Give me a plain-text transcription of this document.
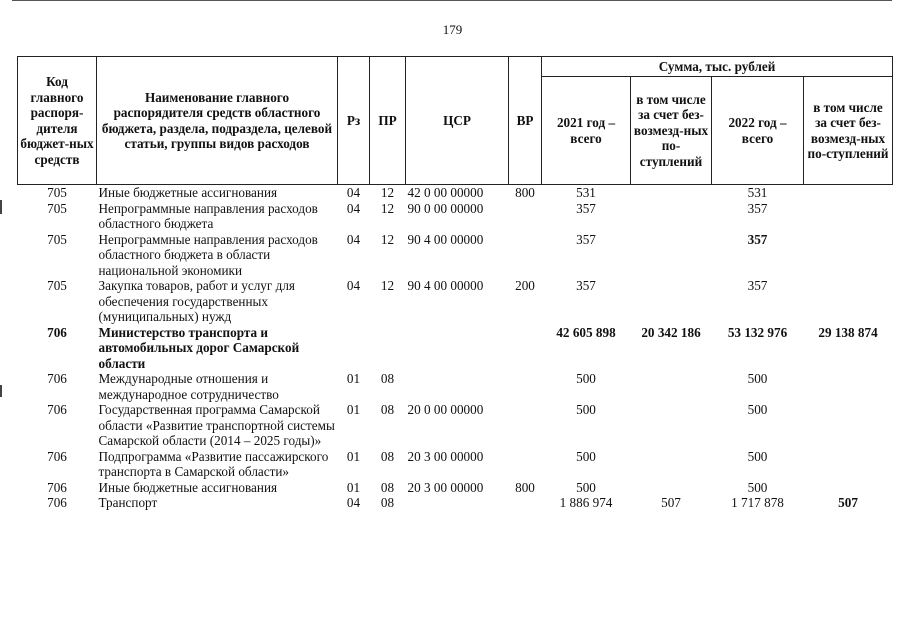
179
Код главного распоря-дителя бюджет-ных средств	Наименование главного распорядителя средств областного бюджета, раздела, подраздела, целевой статьи, группы видов расходов	Рз	ПР	ЦСР	ВР	Сумма, тыс. рублей			
						2021 год – всего	в том числе за счет без-возмезд-ных по-ступлений	2022 год – всего	в том числе за счет без-возмезд-ных по-ступлений
705	Иные бюджетные ассигнования	04	12	42 0 00 00000	800	531		531	
705	Непрограммные направления расходов областного бюджета	04	12	90 0 00 00000		357		357	
705	Непрограммные направления расходов областного бюджета в области национальной экономики	04	12	90 4 00 00000		357		357	
705	Закупка товаров, работ и услуг для обеспечения государственных (муниципальных) нужд	04	12	90 4 00 00000	200	357		357	
706	Министерство транспорта и автомобильных дорог Самарской области					42 605 898	20 342 186	53 132 976	29 138 874
706	Международные отношения и международное сотрудничество	01	08			500		500	
706	Государственная программа Самарской области «Развитие транспортной системы Самарской области (2014 – 2025 годы)»	01	08	20 0 00 00000		500		500	
706	Подпрограмма «Развитие пассажирского транспорта в Самарской области»	01	08	20 3 00 00000		500		500	
706	Иные бюджетные ассигнования	01	08	20 3 00 00000	800	500		500	
706	Транспорт	04	08			1 886 974	507	1 717 878	507
